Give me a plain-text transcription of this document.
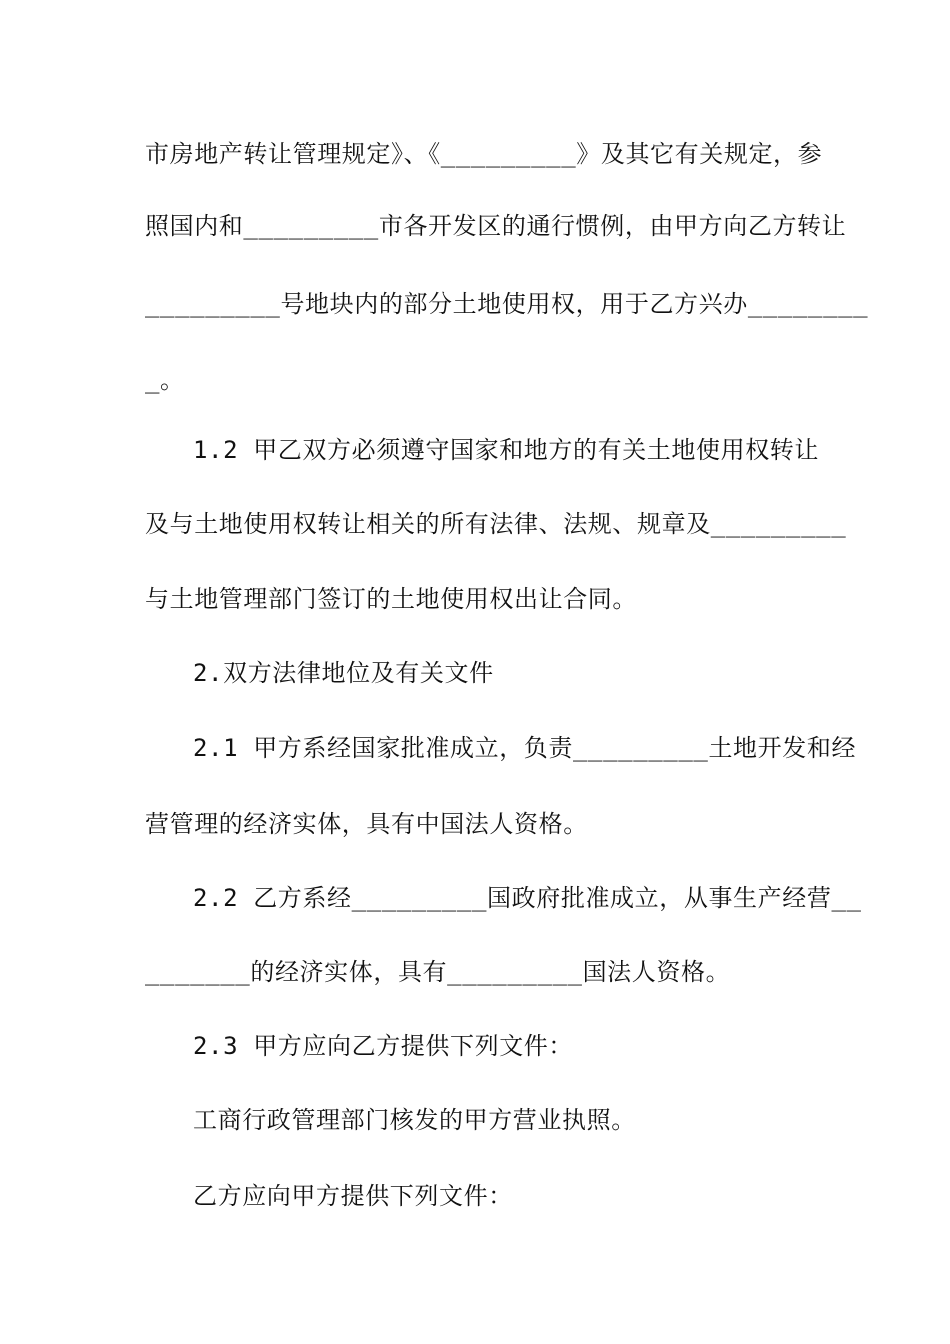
市房地产转让管理规定》、《_________》及其它有关规定，参
照国内和_________市各开发区的通行惯例，由甲方向乙方转让
_________号地块内的部分土地使用权，用于乙方兴办________
_。
1.2 甲乙双方必须遵守国家和地方的有关土地使用权转让
及与土地使用权转让相关的所有法律、法规、规章及_________
与土地管理部门签订的土地使用权出让合同。
2.双方法律地位及有关文件
2.1 甲方系经国家批准成立，负责_________土地开发和经
营管理的经济实体，具有中国法人资格。
2.2 乙方系经_________国政府批准成立，从事生产经营__
_______的经济实体，具有_________国法人资格。
2.3 甲方应向乙方提供下列文件：
工商行政管理部门核发的甲方营业执照。
乙方应向甲方提供下列文件：
